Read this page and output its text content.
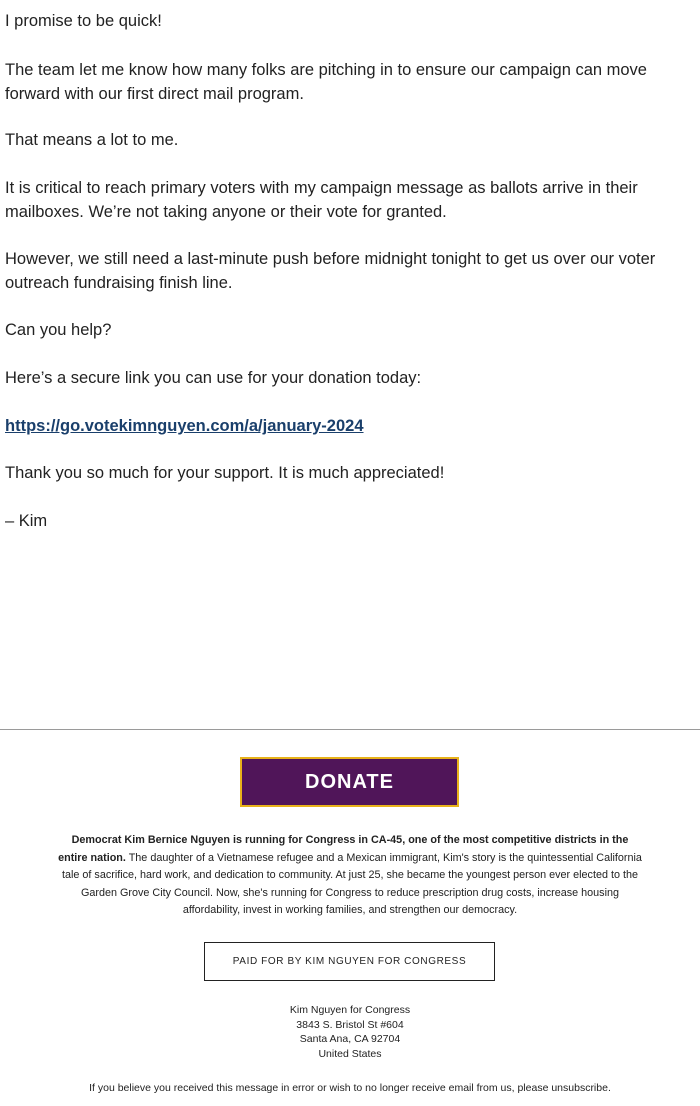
I promise to be quick!

The team let me know how many folks are pitching in to ensure our campaign can move
forward with our first direct mail program.

That means a lot to me.

It is critical to reach primary voters with my campaign message as ballots arrive in their
mailboxes. We’re not taking anyone or their vote for granted.

However, we still need a last-minute push before midnight tonight to get us over our voter
outreach fundraising finish line.

Can you help?

Here’s a secure link you can use for your donation today:

https://go.votekimnguyen.com/a/january-2024

Thank you so much for your support. It is much appreciated!

– Kim

DONATE

Democrat Kim Bernice Nguyen is running for Congress in CA-45, one of the most competitive districts in the
entire nation. The daughter of a Vietnamese refugee and a Mexican immigrant, Kim's story is the quintessential California
tale of sacrifice, hard work, and dedication to community. At just 25, she became the youngest person ever elected to the
Garden Grove City Council. Now, she's running for Congress to reduce prescription drug costs, increase housing
affordability, invest in working families, and strengthen our democracy.

PAID FOR BY KIM NGUYEN FOR CONGRESS
Kim Nguyen for Congress
3843 S. Bristol St #604
Santa Ana, CA 92704
United States
If you believe you received this message in error or wish to no longer receive email from us, please unsubscribe.
